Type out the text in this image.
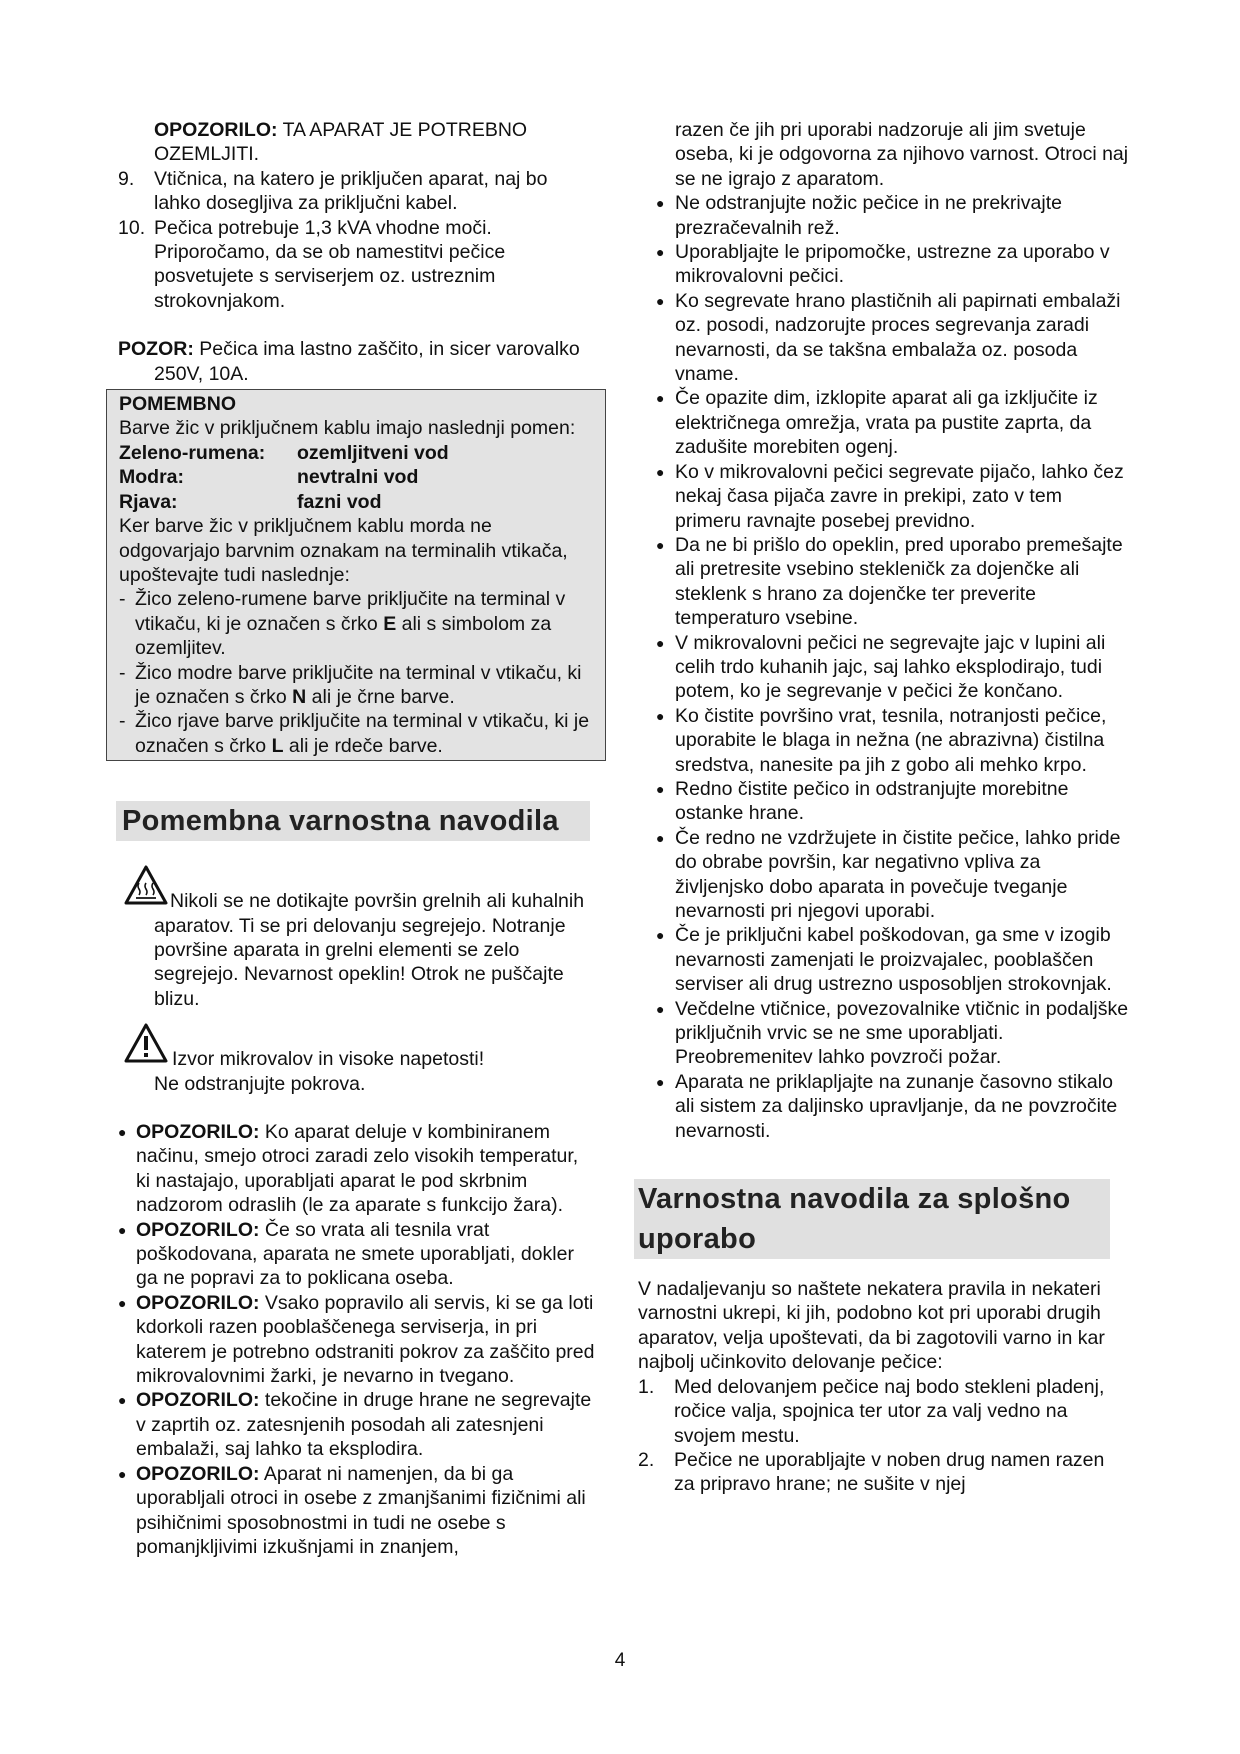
OPOZORILO: TA APARAT JE POTREBNO OZEMLJITI.
9. Vtičnica, na katero je priključen aparat, naj bo lahko dosegljiva za priključni kabel.
10. Pečica potrebuje 1,3 kVA vhodne moči. Priporočamo, da se ob namestitvi pečice posvetujete s serviserjem oz. ustreznim strokovnjakom.
POZOR: Pečica ima lastno zaščito, in sicer varovalko 250V, 10A.
POMEMBNO
Barve žic v priključnem kablu imajo naslednji pomen:
Zeleno-rumena:	ozemljitveni vod
Modra:	nevtralni vod
Rjava:	fazni vod
Ker barve žic v priključnem kablu morda ne odgovarjajo barvnim oznakam na terminalih vtikača, upoštevajte tudi naslednje:
- Žico zeleno-rumene barve priključite na terminal v vtikaču, ki je označen s črko E ali s simbolom za ozemljitev.
- Žico modre barve priključite na terminal v vtikaču, ki je označen s črko N ali je črne barve.
- Žico rjave barve priključite na terminal v vtikaču, ki je označen s črko L ali je rdeče barve.
Pomembna varnostna navodila
Nikoli se ne dotikajte površin grelnih ali kuhalnih aparatov. Ti se pri delovanju segrejejo. Notranje površine aparata in grelni elementi se zelo segrejejo. Nevarnost opeklin! Otrok ne puščajte blizu.
Izvor mikrovalov in visoke napetosti!
Ne odstranjujte pokrova.
● OPOZORILO: Ko aparat deluje v kombiniranem načinu, smejo otroci zaradi zelo visokih temperatur, ki nastajajo, uporabljati aparat le pod skrbnim nadzorom odraslih (le za aparate s funkcijo žara).
● OPOZORILO: Če so vrata ali tesnila vrat poškodovana, aparata ne smete uporabljati, dokler ga ne popravi za to poklicana oseba.
● OPOZORILO: Vsako popravilo ali servis, ki se ga loti kdorkoli razen pooblaščenega serviserja, in pri katerem je potrebno odstraniti pokrov za zaščito pred mikrovalovnimi žarki, je nevarno in tvegano.
● OPOZORILO: tekočine in druge hrane ne segrevajte v zaprtih oz. zatesnjenih posodah ali zatesnjeni embalaži, saj lahko ta eksplodira.
● OPOZORILO: Aparat ni namenjen, da bi ga uporabljali otroci in osebe z zmanjšanimi fizičnimi ali psihičnimi sposobnostmi in tudi ne osebe s pomanjkljivimi izkušnjami in znanjem,
razen če jih pri uporabi nadzoruje ali jim svetuje oseba, ki je odgovorna za njihovo varnost. Otroci naj se ne igrajo z aparatom.
● Ne odstranjujte nožic pečice in ne prekrivajte prezračevalnih rež.
● Uporabljajte le pripomočke, ustrezne za uporabo v mikrovalovni pečici.
● Ko segrevate hrano plastičnih ali papirnati embalaži oz. posodi, nadzorujte proces segrevanja zaradi nevarnosti, da se takšna embalaža oz. posoda vname.
● Če opazite dim, izklopite aparat ali ga izključite iz električnega omrežja, vrata pa pustite zaprta, da zadušite morebiten ogenj.
● Ko v mikrovalovni pečici segrevate pijačo, lahko čez nekaj časa pijača zavre in prekipi, zato v tem primeru ravnajte posebej previdno.
● Da ne bi prišlo do opeklin, pred uporabo premešajte ali pretresite vsebino stekleničk za dojenčke ali steklenk s hrano za dojenčke ter preverite temperaturo vsebine.
● V mikrovalovni pečici ne segrevajte jajc v lupini ali celih trdo kuhanih jajc, saj lahko eksplodirajo, tudi potem, ko je segrevanje v pečici že končano.
● Ko čistite površino vrat, tesnila, notranjosti pečice, uporabite le blaga in nežna (ne abrazivna) čistilna sredstva, nanesite pa jih z gobo ali mehko krpo.
● Redno čistite pečico in odstranjujte morebitne ostanke hrane.
● Če redno ne vzdržujete in čistite pečice, lahko pride do obrabe površin, kar negativno vpliva za življenjsko dobo aparata in povečuje tveganje nevarnosti pri njegovi uporabi.
● Če je priključni kabel poškodovan, ga sme v izogib nevarnosti zamenjati le proizvajalec, pooblaščen serviser ali drug ustrezno usposobljen strokovnjak.
● Večdelne vtičnice, povezovalnike vtičnic in podaljške priključnih vrvic se ne sme uporabljati. Preobremenitev lahko povzroči požar.
● Aparata ne priklapljajte na zunanje časovno stikalo ali sistem za daljinsko upravljanje, da ne povzročite nevarnosti.
Varnostna navodila za splošno uporabo
V nadaljevanju so naštete nekatera pravila in nekateri varnostni ukrepi, ki jih, podobno kot pri uporabi drugih aparatov, velja upoštevati, da bi zagotovili varno in kar najbolj učinkovito delovanje pečice:
1. Med delovanjem pečice naj bodo stekleni pladenj, ročice valja, spojnica ter utor za valj vedno na svojem mestu.
2. Pečice ne uporabljajte v noben drug namen razen za pripravo hrane; ne sušite v njej
4
